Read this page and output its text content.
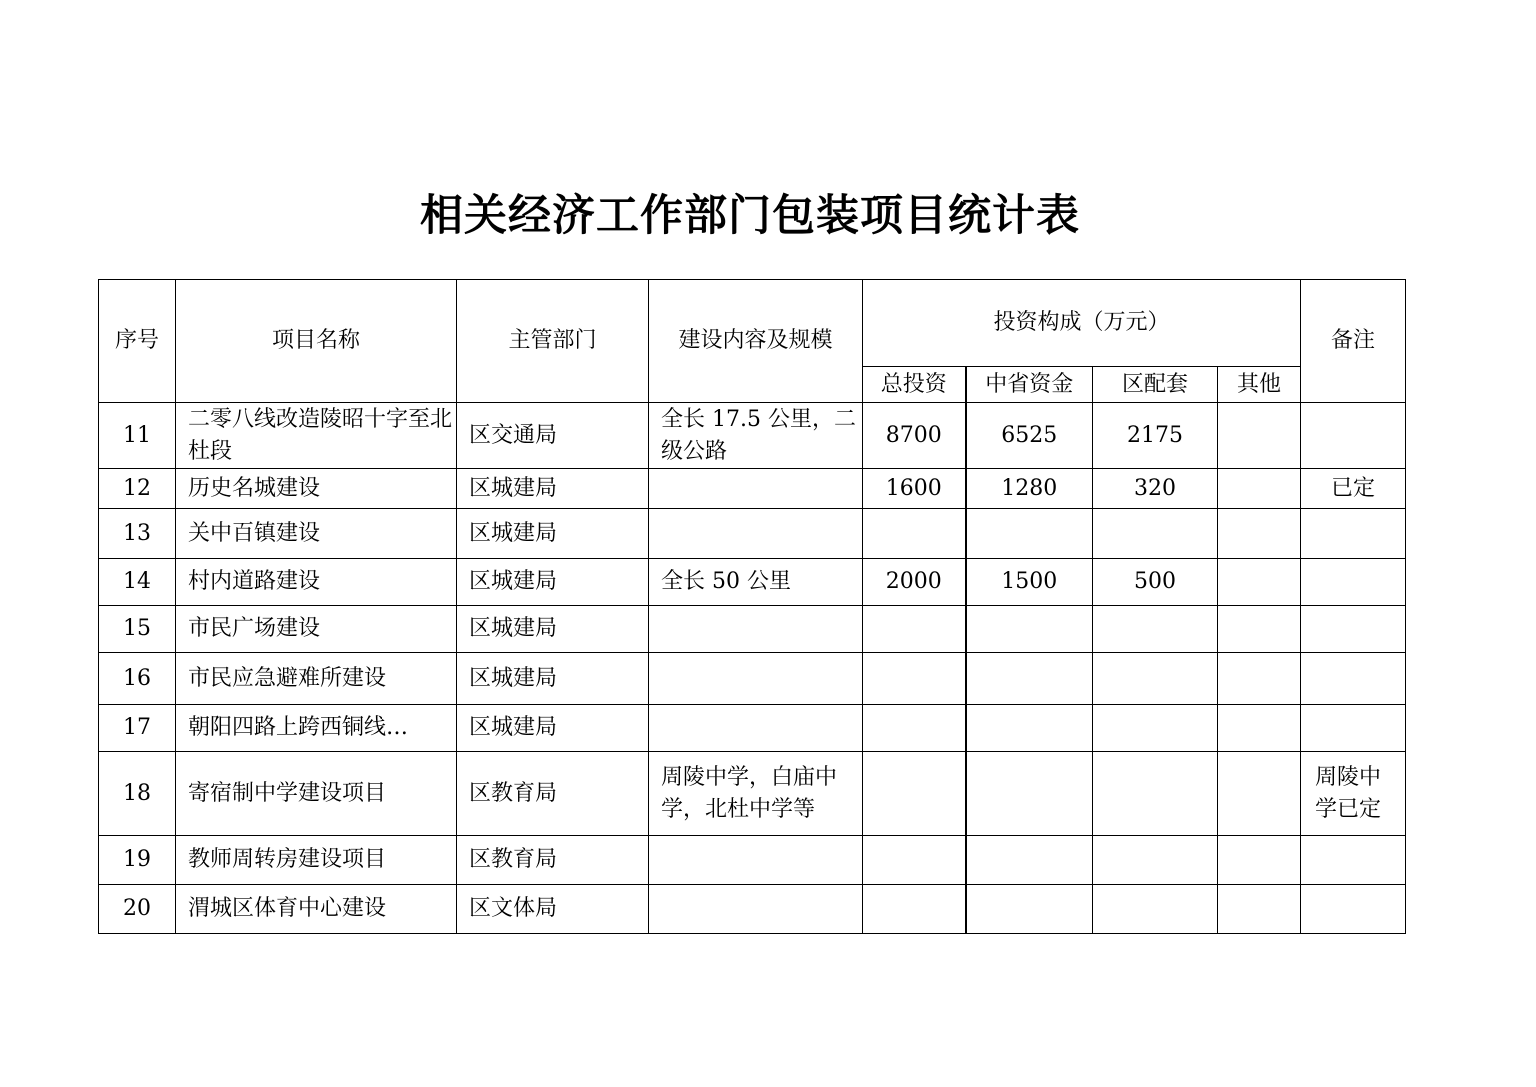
相关经济工作部门包装项目统计表
序号	项目名称	主管部门	建设内容及规模	投资构成（万元）				备注
				总投资	中省资金	区配套	其他	
11	二零八线改造陵昭十字至北杜段	区交通局	全长 17.5 公里，二级公路	8700	6525	2175		
12	历史名城建设	区城建局		1600	1280	320		已定
13	关中百镇建设	区城建局						
14	村内道路建设	区城建局	全长 50 公里	2000	1500	500		
15	市民广场建设	区城建局						
16	市民应急避难所建设	区城建局						
17	朝阳四路上跨西铜线…	区城建局						
18	寄宿制中学建设项目	区教育局	周陵中学，白庙中学，北杜中学等					周陵中学已定
19	教师周转房建设项目	区教育局						
20	渭城区体育中心建设	区文体局						
